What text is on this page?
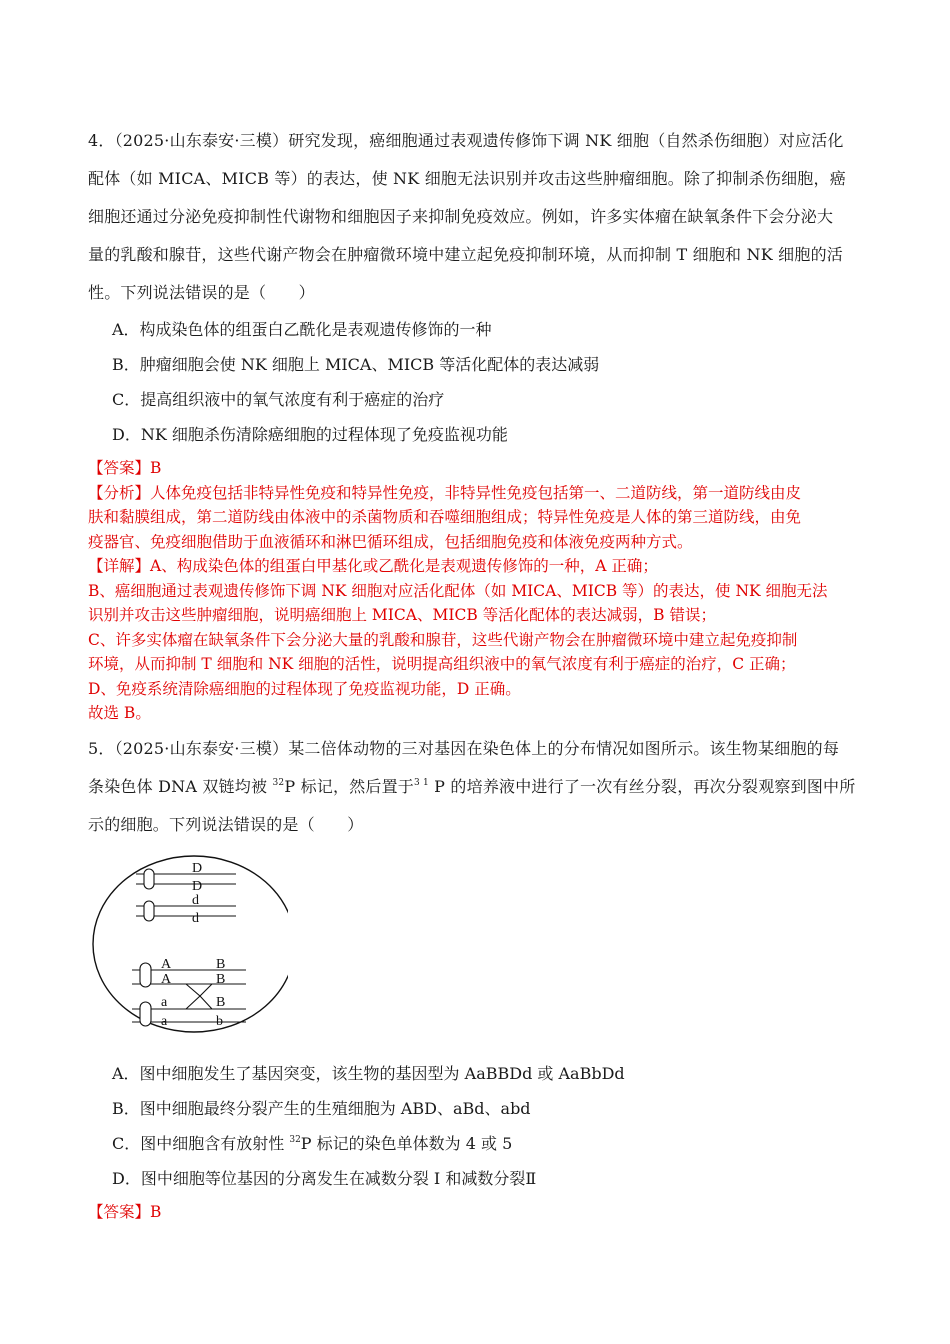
4．（2025·山东泰安·三模）研究发现，癌细胞通过表观遗传修饰下调 NK 细胞（自然杀伤细胞）对应活化
配体（如 MICA、MICB 等）的表达，使 NK 细胞无法识别并攻击这些肿瘤细胞。除了抑制杀伤细胞，癌
细胞还通过分泌免疫抑制性代谢物和细胞因子来抑制免疫效应。例如，许多实体瘤在缺氧条件下会分泌大
量的乳酸和腺苷，这些代谢产物会在肿瘤微环境中建立起免疫抑制环境，从而抑制 T 细胞和 NK 细胞的活
性。下列说法错误的是（　　）
A．构成染色体的组蛋白乙酰化是表观遗传修饰的一种
B．肿瘤细胞会使 NK 细胞上 MICA、MICB 等活化配体的表达减弱
C．提高组织液中的氧气浓度有利于癌症的治疗
D．NK 细胞杀伤清除癌细胞的过程体现了免疫监视功能
【答案】B
【分析】人体免疫包括非特异性免疫和特异性免疫，非特异性免疫包括第一、二道防线，第一道防线由皮
肤和黏膜组成，第二道防线由体液中的杀菌物质和吞噬细胞组成；特异性免疫是人体的第三道防线，由免
疫器官、免疫细胞借助于血液循环和淋巴循环组成，包括细胞免疫和体液免疫两种方式。
【详解】A、构成染色体的组蛋白甲基化或乙酰化是表观遗传修饰的一种，A 正确；
B、癌细胞通过表观遗传修饰下调 NK 细胞对应活化配体（如 MICA、MICB 等）的表达，使 NK 细胞无法
识别并攻击这些肿瘤细胞，说明癌细胞上 MICA、MICB 等活化配体的表达减弱，B 错误；
C、许多实体瘤在缺氧条件下会分泌大量的乳酸和腺苷，这些代谢产物会在肿瘤微环境中建立起免疫抑制
环境，从而抑制 T 细胞和 NK 细胞的活性，说明提高组织液中的氧气浓度有利于癌症的治疗，C 正确；
D、免疫系统清除癌细胞的过程体现了免疫监视功能，D 正确。
故选 B。
5．（2025·山东泰安·三模）某二倍体动物的三对基因在染色体上的分布情况如图所示。该生物某细胞的每
条染色体 DNA 双链均被 $^{32}$P 标记，然后置于$^{3 1}$ P 的培养液中进行了一次有丝分裂，再次分裂观察到图中所
示的细胞。下列说法错误的是（　　）
D
D
d
d
A
A
a
a
B
B
B
b
A．图中细胞发生了基因突变，该生物的基因型为 AaBBDd 或 AaBbDd
B．图中细胞最终分裂产生的生殖细胞为 ABD、aBd、abd
C．图中细胞含有放射性 $^{32}$P 标记的染色单体数为 4 或 5
D．图中细胞等位基因的分离发生在减数分裂 I 和减数分裂Ⅱ
【答案】B
